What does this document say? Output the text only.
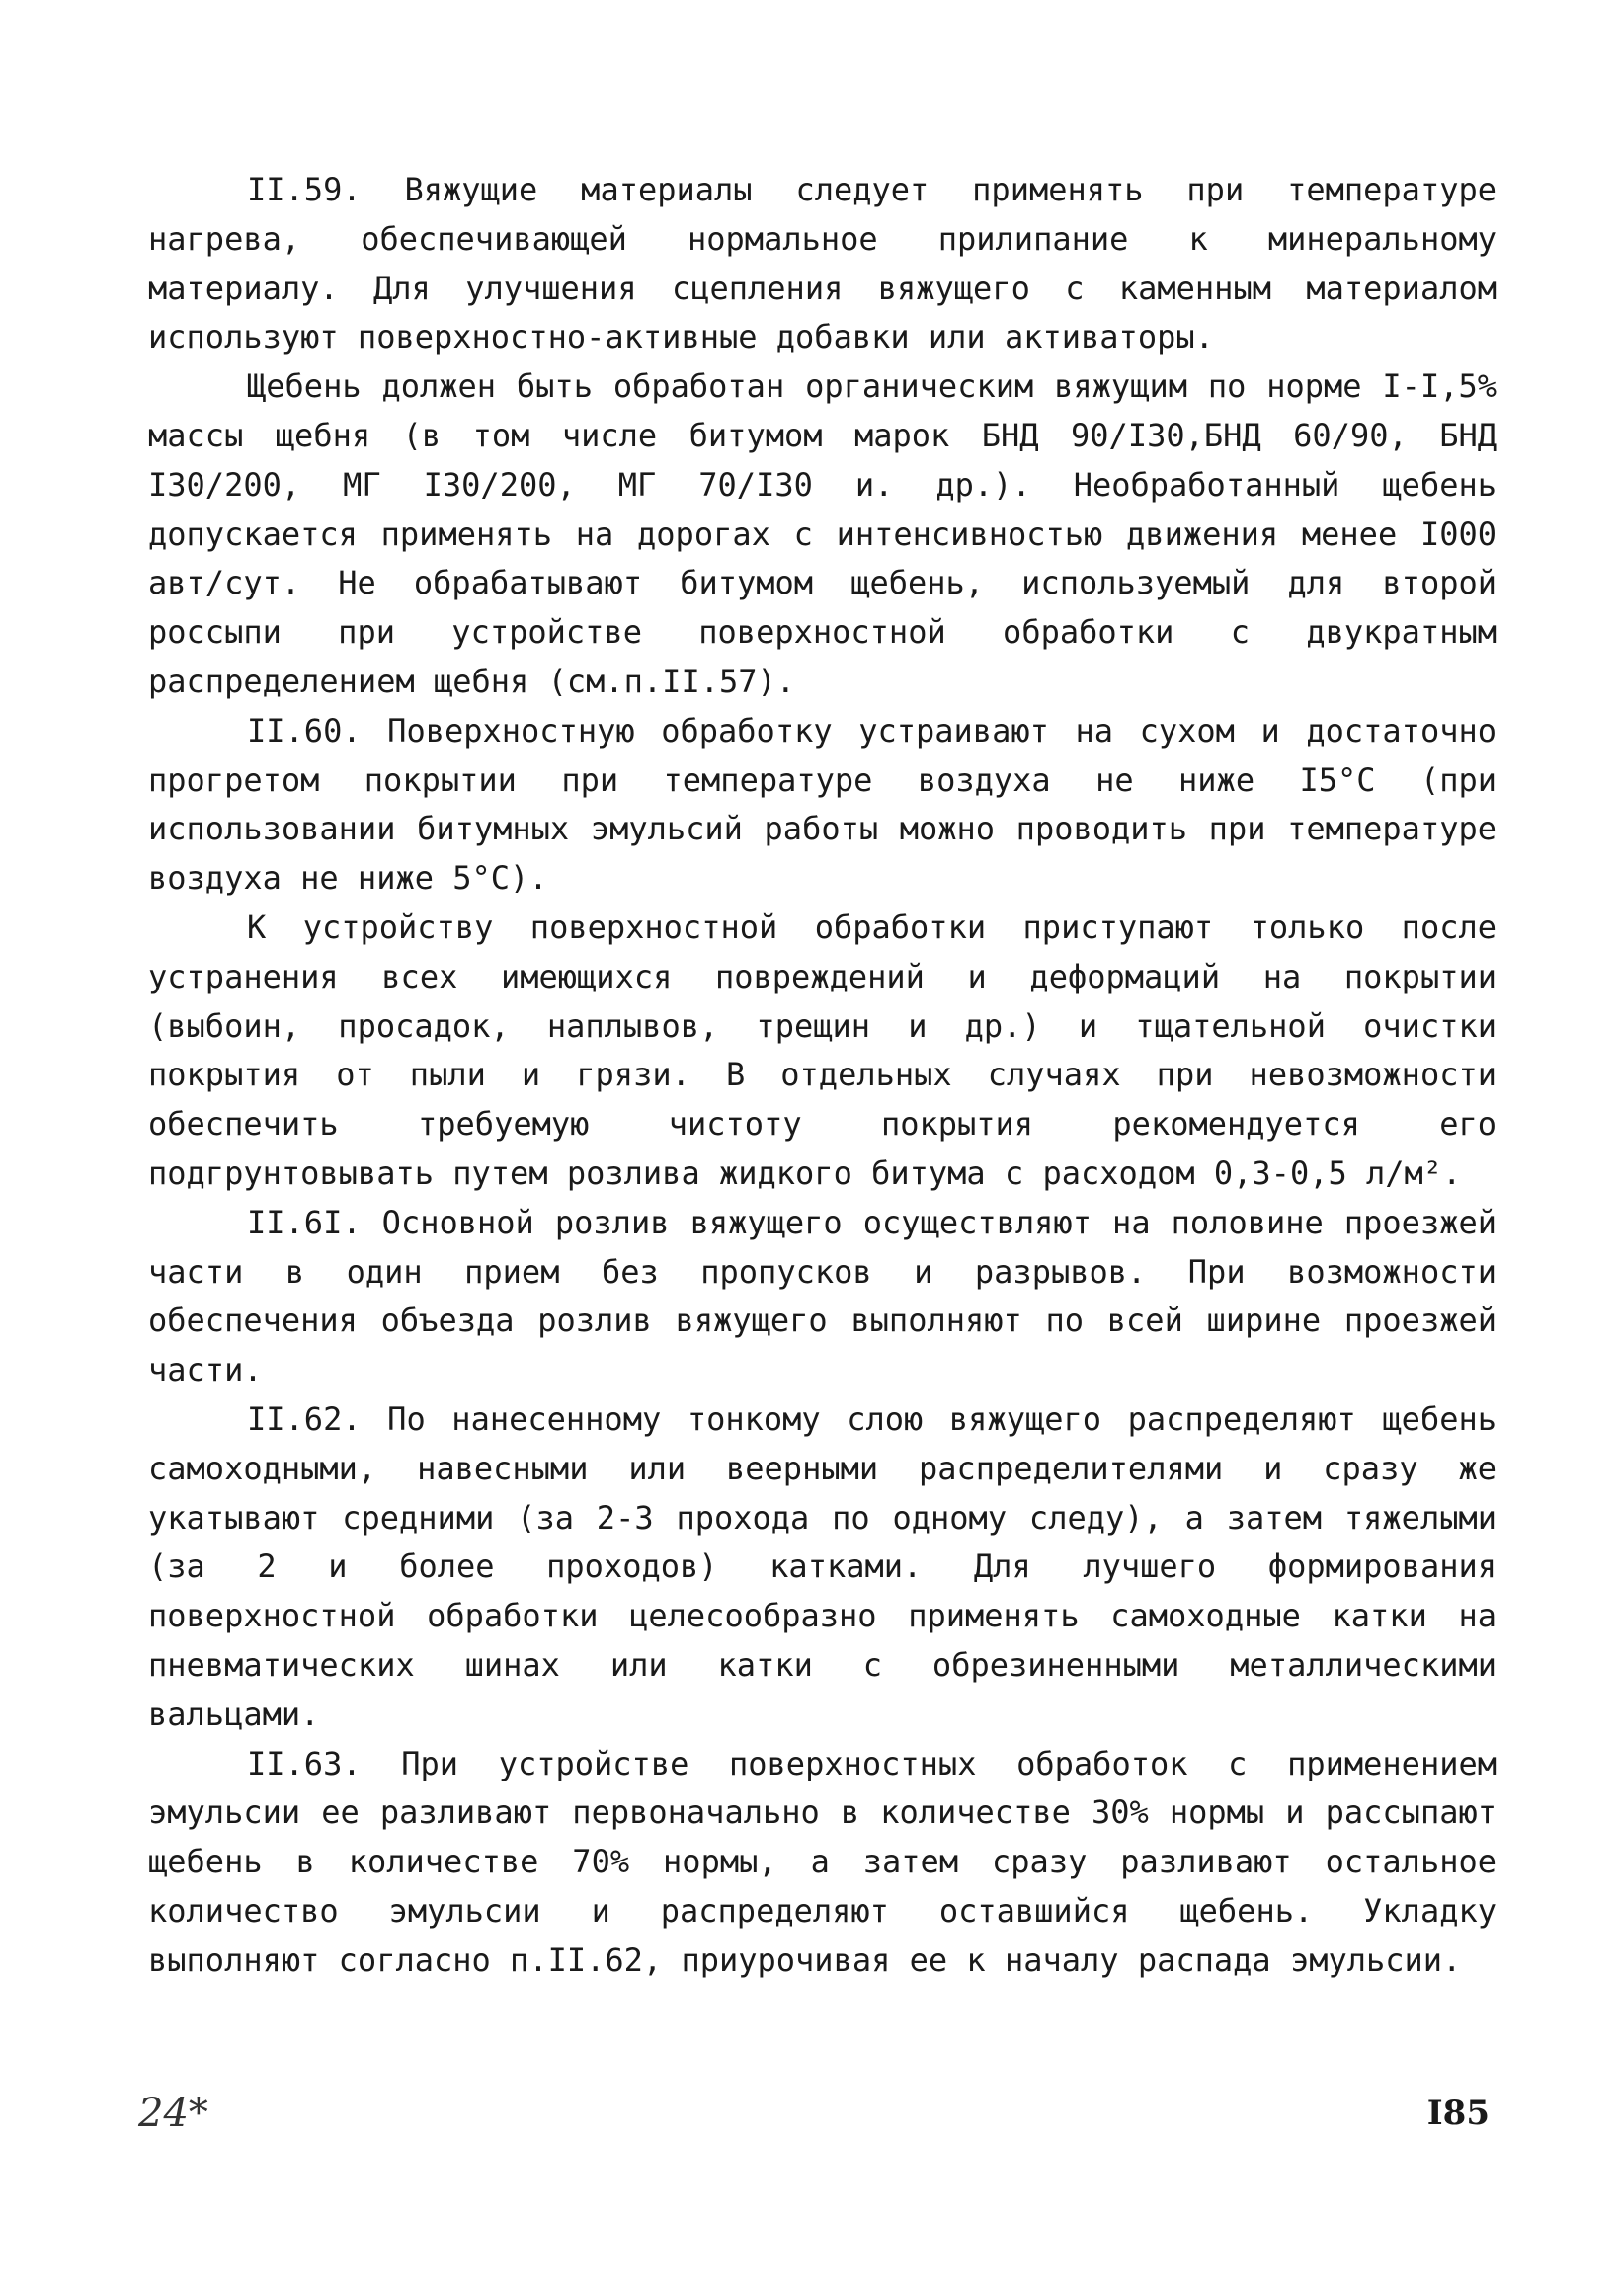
II.59. Вяжущие материалы следует применять при температуре нагрева, обеспечивающей нормальное прилипание к минеральному материалу. Для улучшения сцепления вяжущего с каменным материалом используют поверхностно-активные добавки или активаторы.

Щебень должен быть обработан органическим вяжущим по норме I-I,5% массы щебня (в том числе битумом марок БНД 90/I30,БНД 60/90, БНД I30/200, МГ I30/200, МГ 70/I30 и. др.). Необработанный щебень допускается применять на дорогах с интенсивностью движения менее I000 авт/сут. Не обрабатывают битумом щебень, используемый для второй россыпи при устройстве поверхностной обработки с двукратным распределением щебня (см.п.II.57).

II.60. Поверхностную обработку устраивают на сухом и достаточно прогретом покрытии при температуре воздуха не ниже I5°С (при использовании битумных эмульсий работы можно проводить при температуре воздуха не ниже 5°С).

К устройству поверхностной обработки приступают только после устранения всех имеющихся повреждений и деформаций на покрытии (выбоин, просадок, наплывов, трещин и др.) и тщательной очистки покрытия от пыли и грязи. В отдельных случаях при невозможности обеспечить требуемую чистоту покрытия рекомендуется его подгрунтовывать путем розлива жидкого битума с расходом 0,3-0,5 л/м².

II.6I. Основной розлив вяжущего осуществляют на половине проезжей части в один прием без пропусков и разрывов. При возможности обеспечения объезда розлив вяжущего выполняют по всей ширине проезжей части.

II.62. По нанесенному тонкому слою вяжущего распределяют щебень самоходными, навесными или веерными распределителями и сразу же укатывают средними (за 2-3 прохода по одному следу), а затем тяжелыми (за 2 и более проходов) катками. Для лучшего формирования поверхностной обработки целесообразно применять самоходные катки на пневматических шинах или катки с обрезиненными металлическими вальцами.

II.63. При устройстве поверхностных обработок с применением эмульсии ее разливают первоначально в количестве 30% нормы и рассыпают щебень в количестве 70% нормы, а затем сразу разливают остальное количество эмульсии и распределяют оставшийся щебень. Укладку выполняют согласно п.II.62, приурочивая ее к началу распада эмульсии.

24*	I85
